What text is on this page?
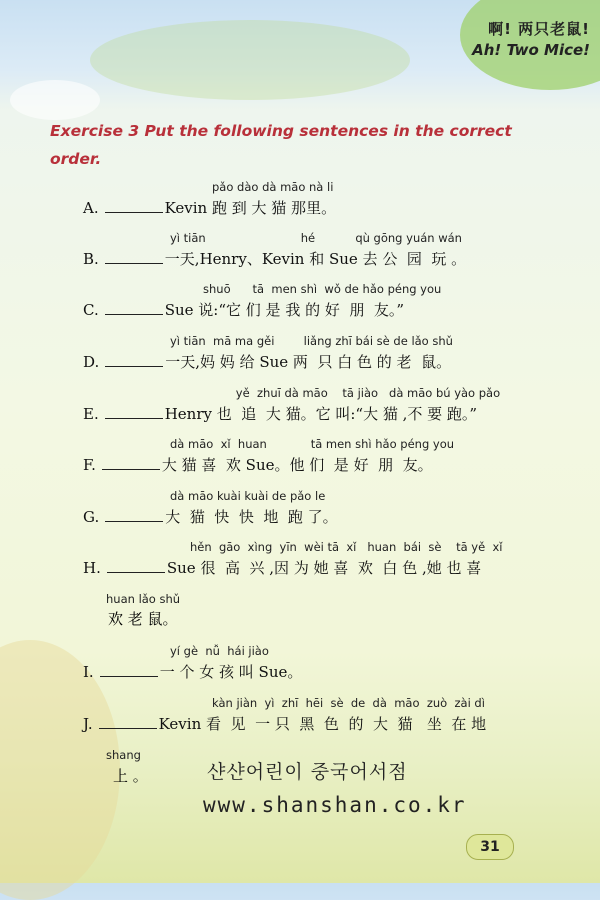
啊! 两只老鼠!
Ah! Two Mice!
Exercise 3 Put the following sentences in the correct
order.
pǎo dào dà māo nà li
A.	Kevin 跑 到 大 猫 那里。
yì tiān                          hé           qù gōng yuán wán
B.	一天,Henry、Kevin 和 Sue 去 公  园  玩 。
shuō      tā  men shì  wǒ de hǎo péng you
C.	Sue 说:“它 们 是 我 的 好  朋  友。”
yì tiān  mā ma gěi        liǎng zhī bái sè de lǎo shǔ
D.	一天,妈 妈 给 Sue 两  只 白 色 的 老  鼠。
yě  zhuī dà māo    tā jiào   dà māo bú yào pǎo
E.	Henry 也  追  大 猫。它 叫:“大 猫 ,不 要 跑。”
dà māo  xǐ  huan            tā men shì hǎo péng you
F.	大 猫 喜  欢 Sue。他 们  是 好  朋  友。
dà māo kuài kuài de pǎo le
G.	大  猫  快  快  地  跑 了。
hěn  gāo  xìng  yīn  wèi tā  xǐ   huan  bái  sè    tā yě  xǐ
H.	Sue 很  高  兴 ,因 为 她 喜  欢  白 色 ,她 也 喜
huan lǎo shǔ
欢 老 鼠。
yí gè  nǚ  hái jiào
I.	一 个 女 孩 叫 Sue。
kàn jiàn  yì  zhī  hēi  sè  de  dà  māo  zuò  zài dì
J.	Kevin 看  见  一 只  黑  色  的  大  猫   坐  在 地
shang
上 。	샨샨어린이 중국어서점
www.shanshan.co.kr
31
